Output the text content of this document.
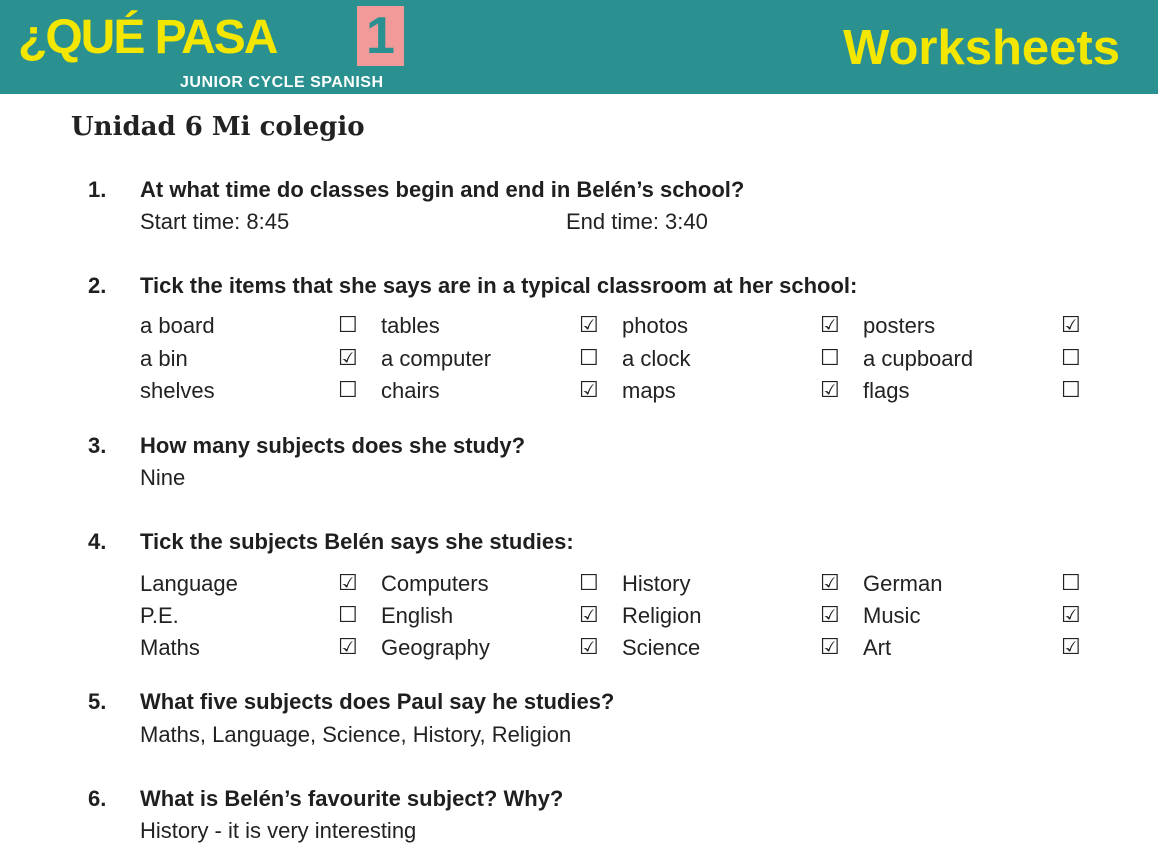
¿QUÉ PASA 1
JUNIOR CYCLE SPANISH
Worksheets
Unidad 6 Mi colegio
1. At what time do classes begin and end in Belén’s school?
Start time: 8:45	End time: 3:40
2. Tick the items that she says are in a typical classroom at her school:
a board	☐ tables	☑ photos	☑ posters	☑
a bin	☑ a computer	☐ a clock	☐ a cupboard	☐
shelves	☐ chairs	☑ maps	☑ flags	☐
3. How many subjects does she study?
Nine
4. Tick the subjects Belén says she studies:
Language	☑ Computers	☐ History	☑ German	☐
P.E.	☐ English	☑ Religion	☑ Music	☑
Maths	☑ Geography	☑ Science	☑ Art	☑
5. What five subjects does Paul say he studies?
Maths, Language, Science, History, Religion
6. What is Belén’s favourite subject? Why?
History - it is very interesting
